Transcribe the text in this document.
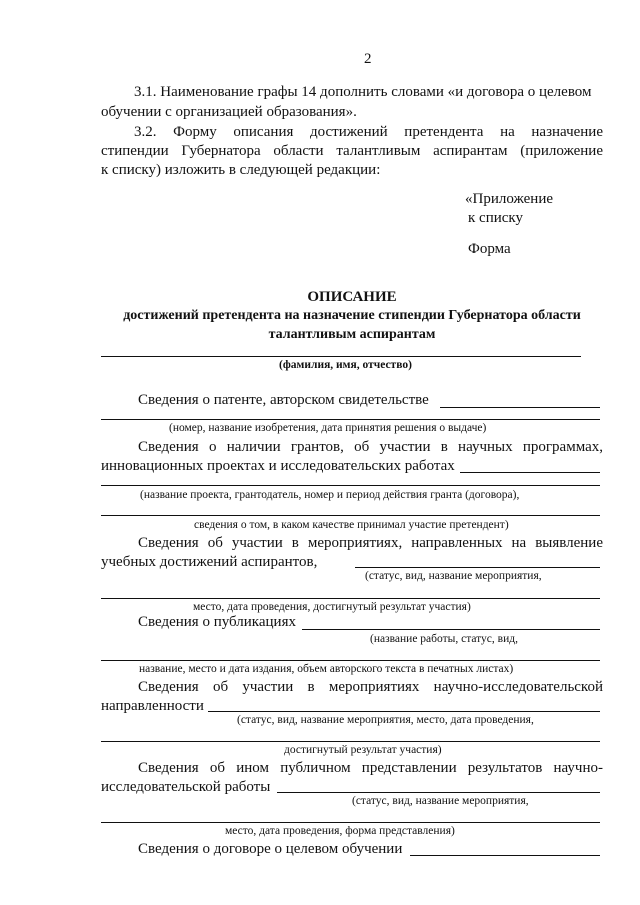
2
3.1. Наименование графы 14 дополнить словами «и договора о целевом
обучении с организацией образования».
3.2. Форму описания достижений претендента на назначение
стипендии Губернатора области талантливым аспирантам (приложение
к списку) изложить в следующей редакции:
«Приложение
к списку
Форма
ОПИСАНИЕ
достижений претендента на назначение стипендии Губернатора области
талантливым аспирантам
(фамилия, имя, отчество)
Сведения о патенте, авторском свидетельстве
(номер, название изобретения, дата принятия решения о выдаче)
Сведения о наличии грантов, об участии в научных программах,
инновационных проектах и исследовательских работах
(название проекта, грантодатель, номер и период действия гранта (договора),
сведения о том, в каком качестве принимал участие претендент)
Сведения об участии в мероприятиях, направленных на выявление
учебных достижений аспирантов,
(статус, вид, название мероприятия,
место, дата проведения, достигнутый результат участия)
Сведения о публикациях
(название работы, статус, вид,
название, место и дата издания, объем авторского текста в печатных листах)
Сведения об участии в мероприятиях научно-исследовательской
направленности
(статус, вид, название мероприятия, место, дата проведения,
достигнутый результат участия)
Сведения об ином публичном представлении результатов научно-
исследовательской работы
(статус, вид, название мероприятия,
место, дата проведения, форма представления)
Сведения о договоре о целевом обучении
